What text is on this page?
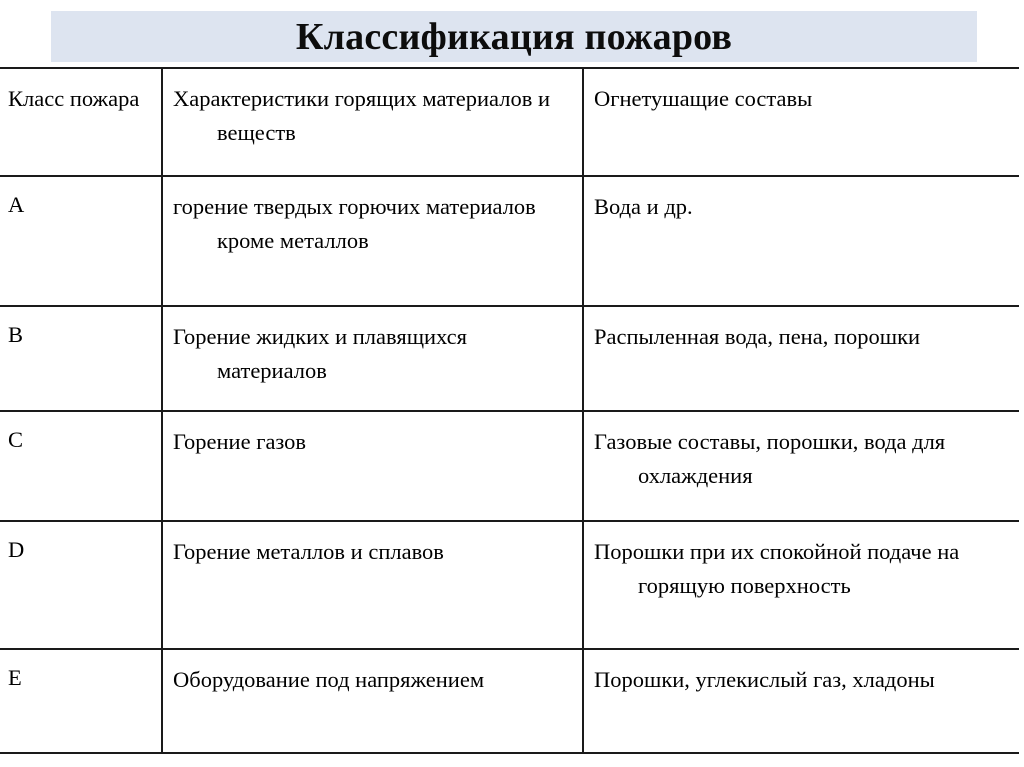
Классификация пожаров
Класс пожара	Характеристики горящих материалов и веществ	Огнетушащие составы

A	горение твердых горючих материалов кроме металлов	Вода и др.

B	Горение жидких и плавящихся материалов	Распыленная вода, пена, порошки

C	Горение газов	Газовые составы, порошки, вода для охлаждения

D	Горение металлов и сплавов	Порошки при их спокойной подаче на горящую поверхность

E	Оборудование под напряжением	Порошки, углекислый газ, хладоны
